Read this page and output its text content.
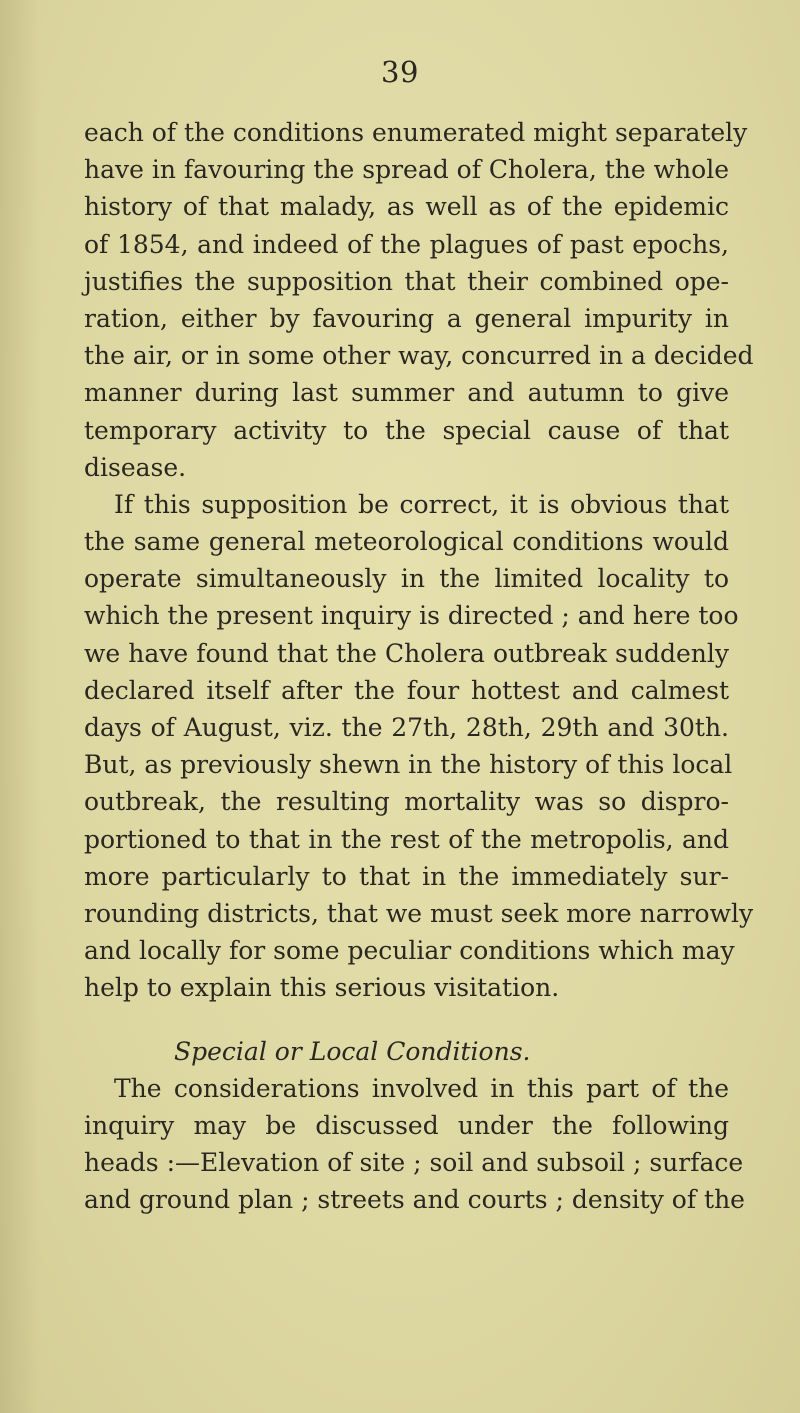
39
each of the conditions enumerated might separately
have in favouring the spread of Cholera, the whole
history of that malady, as well as of the epidemic
of 1854, and indeed of the plagues of past epochs,
justifies the supposition that their combined ope-
ration, either by favouring a general impurity in
the air, or in some other way, concurred in a decided
manner during last summer and autumn to give
temporary activity to the special cause of that
disease.
If this supposition be correct, it is obvious that
the same general meteorological conditions would
operate simultaneously in the limited locality to
which the present inquiry is directed ; and here too
we have found that the Cholera outbreak suddenly
declared itself after the four hottest and calmest
days of August, viz. the 27th, 28th, 29th and 30th.
But, as previously shewn in the history of this local
outbreak, the resulting mortality was so dispro-
portioned to that in the rest of the metropolis, and
more particularly to that in the immediately sur-
rounding districts, that we must seek more narrowly
and locally for some peculiar conditions which may
help to explain this serious visitation.
Special or Local Conditions.
The considerations involved in this part of the
inquiry may be discussed under the following
heads :—Elevation of site ; soil and subsoil ; surface
and ground plan ; streets and courts ; density of the
